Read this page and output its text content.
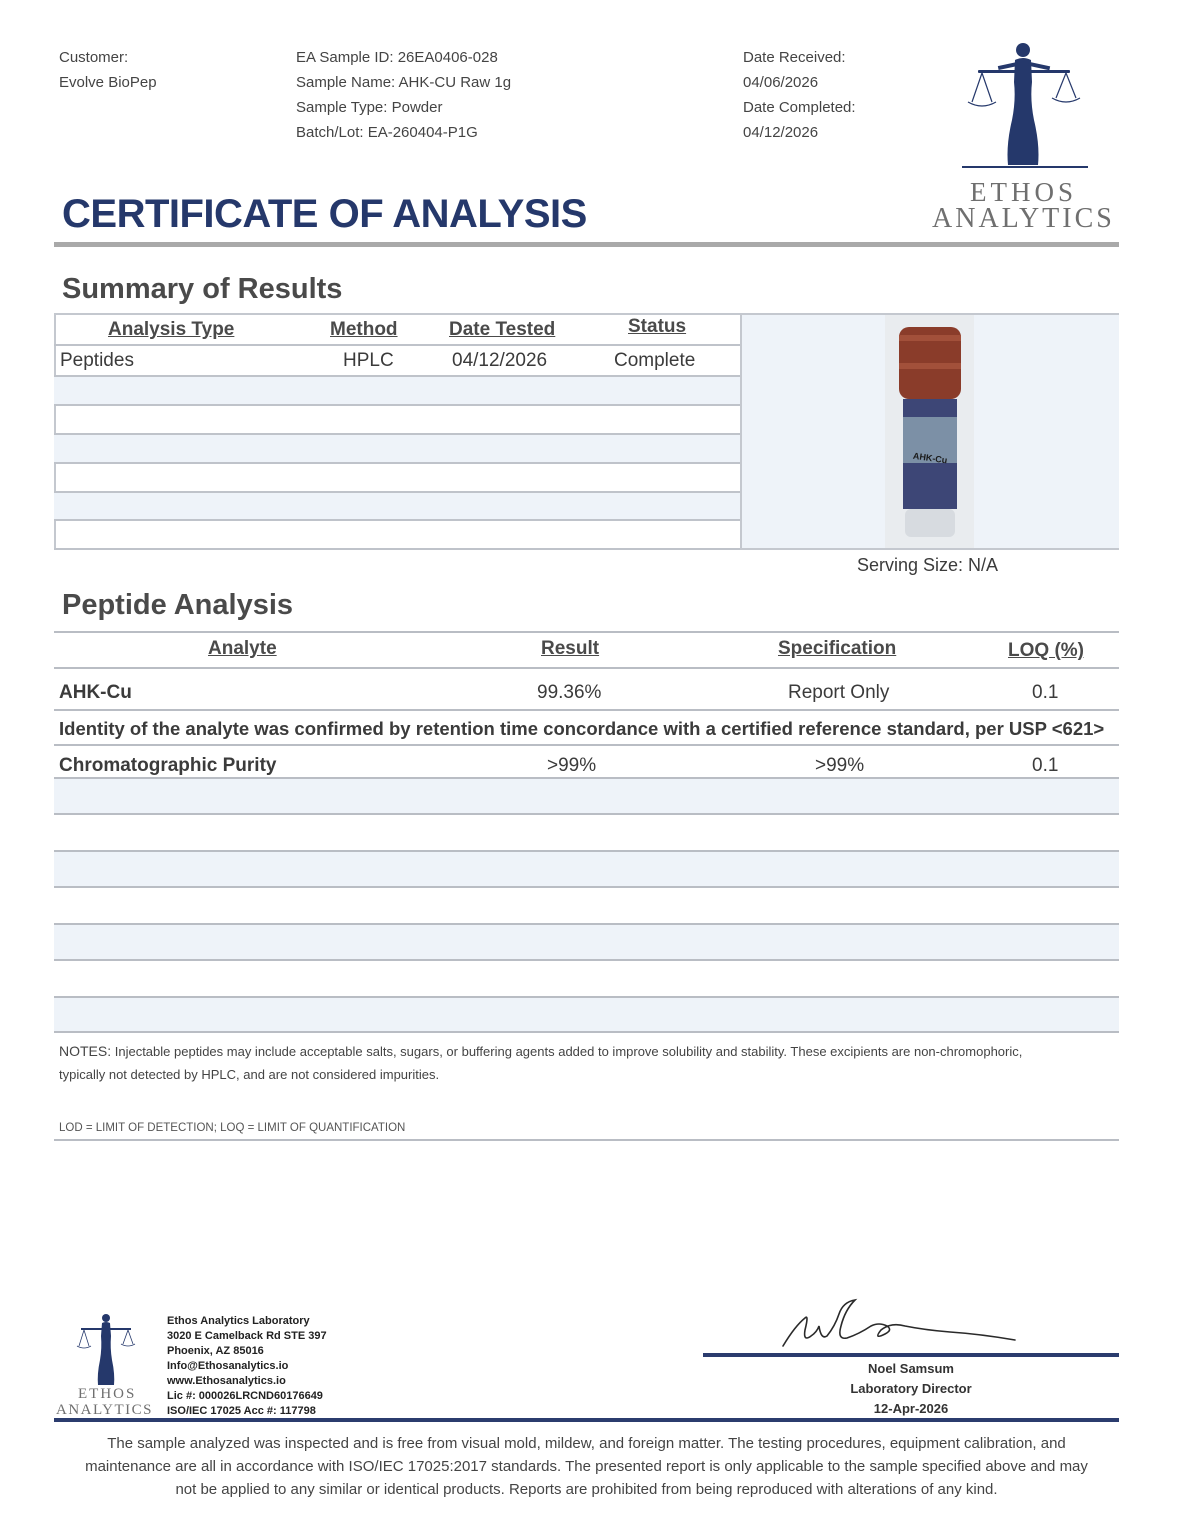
Customer:
Evolve BioPep
EA Sample ID: 26EA0406-028
Sample Name: AHK-CU Raw 1g
Sample Type: Powder
Batch/Lot: EA-260404-P1G
Date Received:
04/06/2026
Date Completed:
04/12/2026
ETHOS
ANALYTICS
CERTIFICATE OF ANALYSIS
Summary of Results
AHK-Cu
Analysis Type	Method	Date Tested	Status
Peptides	HPLC	04/12/2026	Complete
Serving Size: N/A
Peptide Analysis
Analyte	Result	Specification	LOQ (%)
AHK-Cu	99.36%	Report Only	0.1
Identity of the analyte was confirmed by retention time concordance with a certified reference standard, per USP <621>
Chromatographic Purity	>99%	>99%	0.1
NOTES: Injectable peptides may include acceptable salts, sugars, or buffering agents added to improve solubility and stability. These excipients are non-chromophoric,
typically not detected by HPLC, and are not considered impurities.
LOD = LIMIT OF DETECTION; LOQ = LIMIT OF QUANTIFICATION
ETHOS
ANALYTICS
Ethos Analytics Laboratory
3020 E Camelback Rd STE 397
Phoenix, AZ 85016
Info@Ethosanalytics.io
www.Ethosanalytics.io
Lic #: 000026LRCND60176649
ISO/IEC 17025 Acc #: 117798
Noel Samsum
Laboratory Director
12-Apr-2026
The sample analyzed was inspected and is free from visual mold, mildew, and foreign matter. The testing procedures, equipment calibration, and
maintenance are all in accordance with ISO/IEC 17025:2017 standards. The presented report is only applicable to the sample specified above and may
not be applied to any similar or identical products. Reports are prohibited from being reproduced with alterations of any kind.
